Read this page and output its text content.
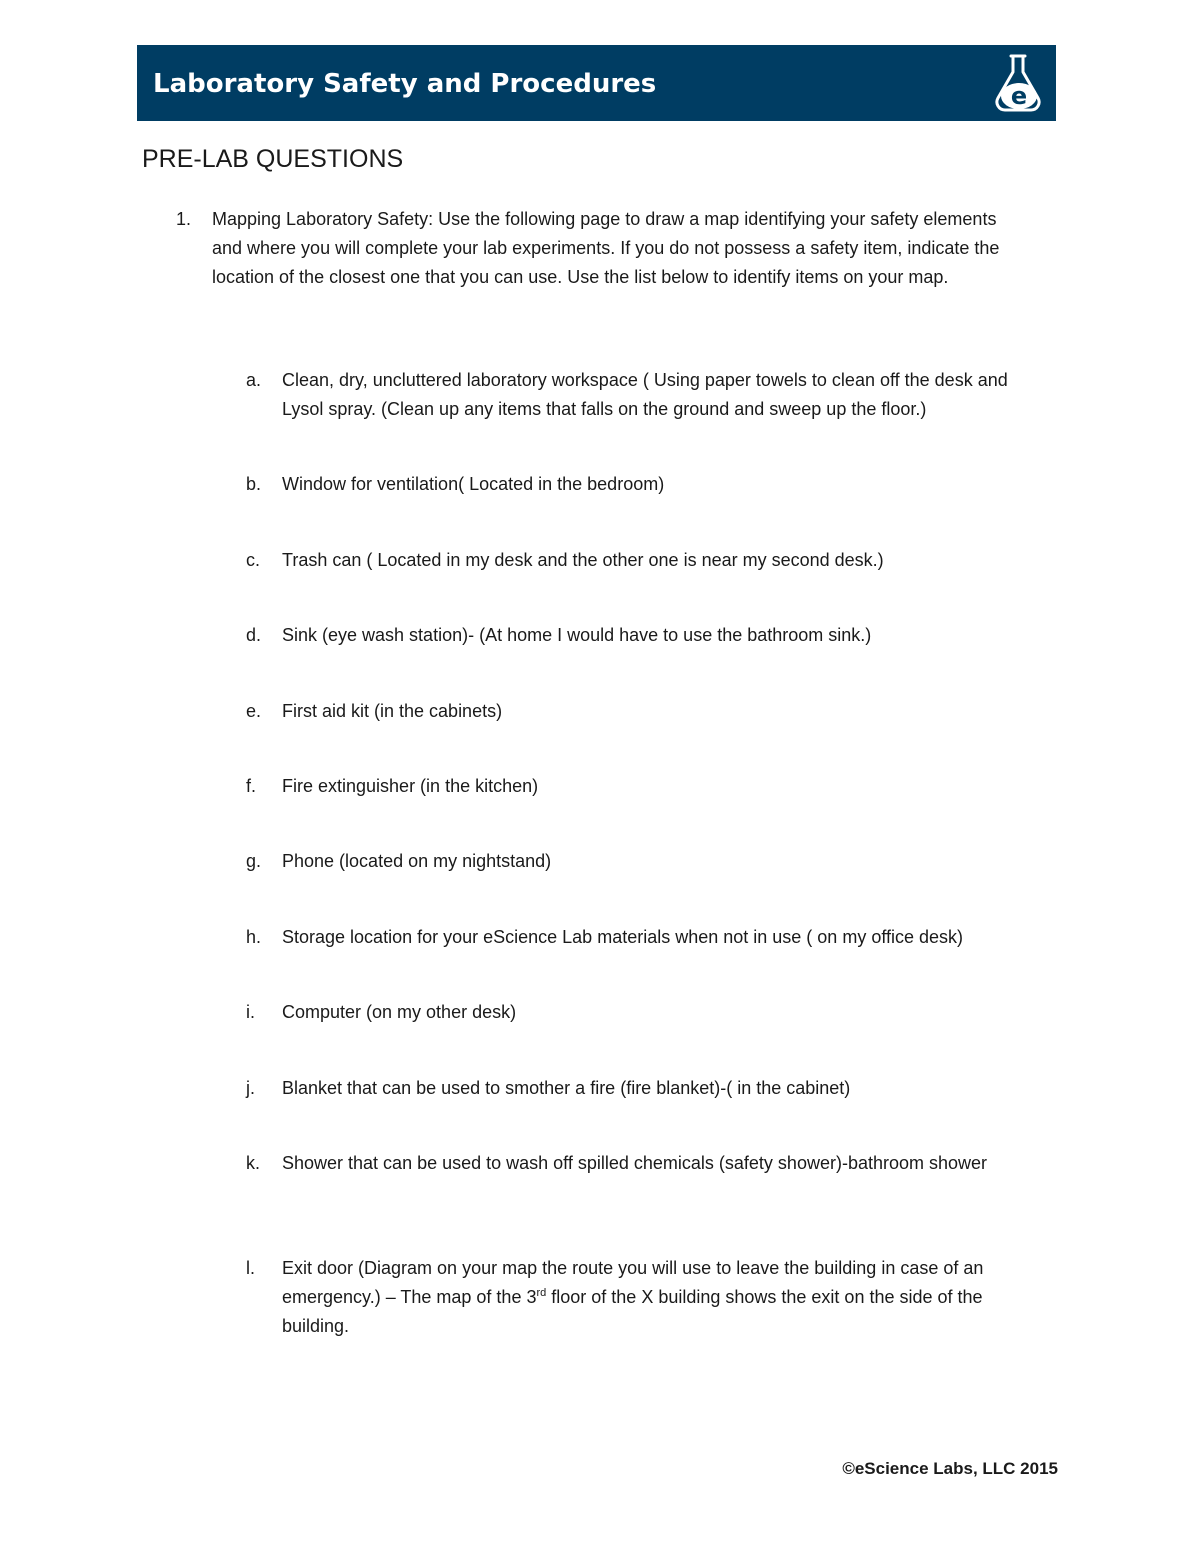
Laboratory Safety and Procedures	e
PRE-LAB QUESTIONS
1. Mapping Laboratory Safety: Use the following page to draw a map identifying your safety elements and where you will complete your lab experiments. If you do not possess a safety item, indicate the location of the closest one that you can use. Use the list below to identify items on your map.
a. Clean, dry, uncluttered laboratory workspace ( Using paper towels to clean off the desk and Lysol spray. (Clean up any items that falls on the ground and sweep up the floor.)
b. Window for ventilation( Located in the bedroom)
c. Trash can ( Located in my desk and the other one is near my second desk.)
d. Sink (eye wash station)- (At home I would have to use the bathroom sink.)
e. First aid kit (in the cabinets)
f. Fire extinguisher (in the kitchen)
g. Phone (located on my nightstand)
h. Storage location for your eScience Lab materials when not in use ( on my office desk)
i. Computer (on my other desk)
j. Blanket that can be used to smother a fire (fire blanket)-( in the cabinet)
k. Shower that can be used to wash off spilled chemicals (safety shower)-bathroom shower
l. Exit door (Diagram on your map the route you will use to leave the building in case of an emergency.) – The map of the 3rd floor of the X building shows the exit on the side of the building.
©eScience Labs, LLC 2015
